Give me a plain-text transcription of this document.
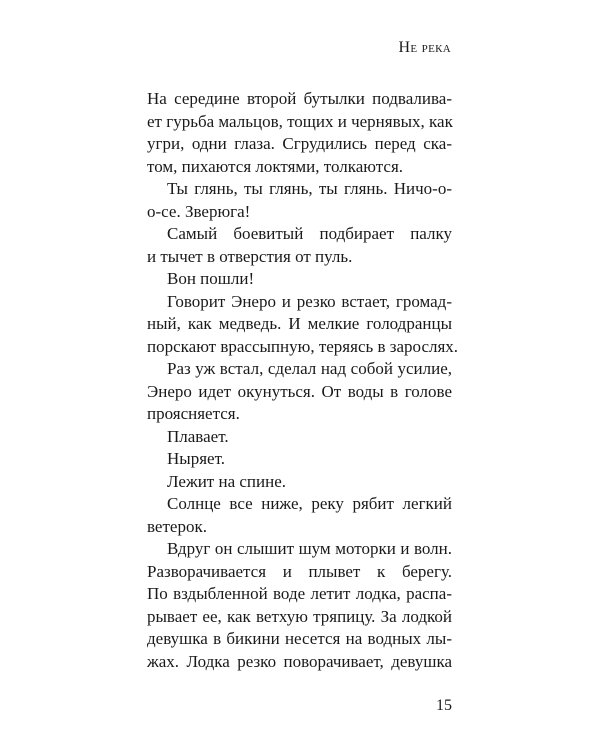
Не река
На середине второй бутылки подвалива-
ет гурьба мальцов, тощих и чернявых, как
угри, одни глаза. Сгрудились перед ска-
том, пихаются локтями, толкаются.
Ты глянь, ты глянь, ты глянь. Ничо-о-
о-се. Зверюга!
Самый боевитый подбирает палку
и тычет в отверстия от пуль.
Вон пошли!
Говорит Энеро и резко встает, громад-
ный, как медведь. И мелкие голодранцы
порскают врассыпную, теряясь в зарослях.
Раз уж встал, сделал над собой усилие,
Энеро идет окунуться. От воды в голове
проясняется.
Плавает.
Ныряет.
Лежит на спине.
Солнце все ниже, реку рябит легкий
ветерок.
Вдруг он слышит шум моторки и волн.
Разворачивается и плывет к берегу.
По вздыбленной воде летит лодка, распа-
рывает ее, как ветхую тряпицу. За лодкой
девушка в бикини несется на водных лы-
жах. Лодка резко поворачивает, девушка
15
